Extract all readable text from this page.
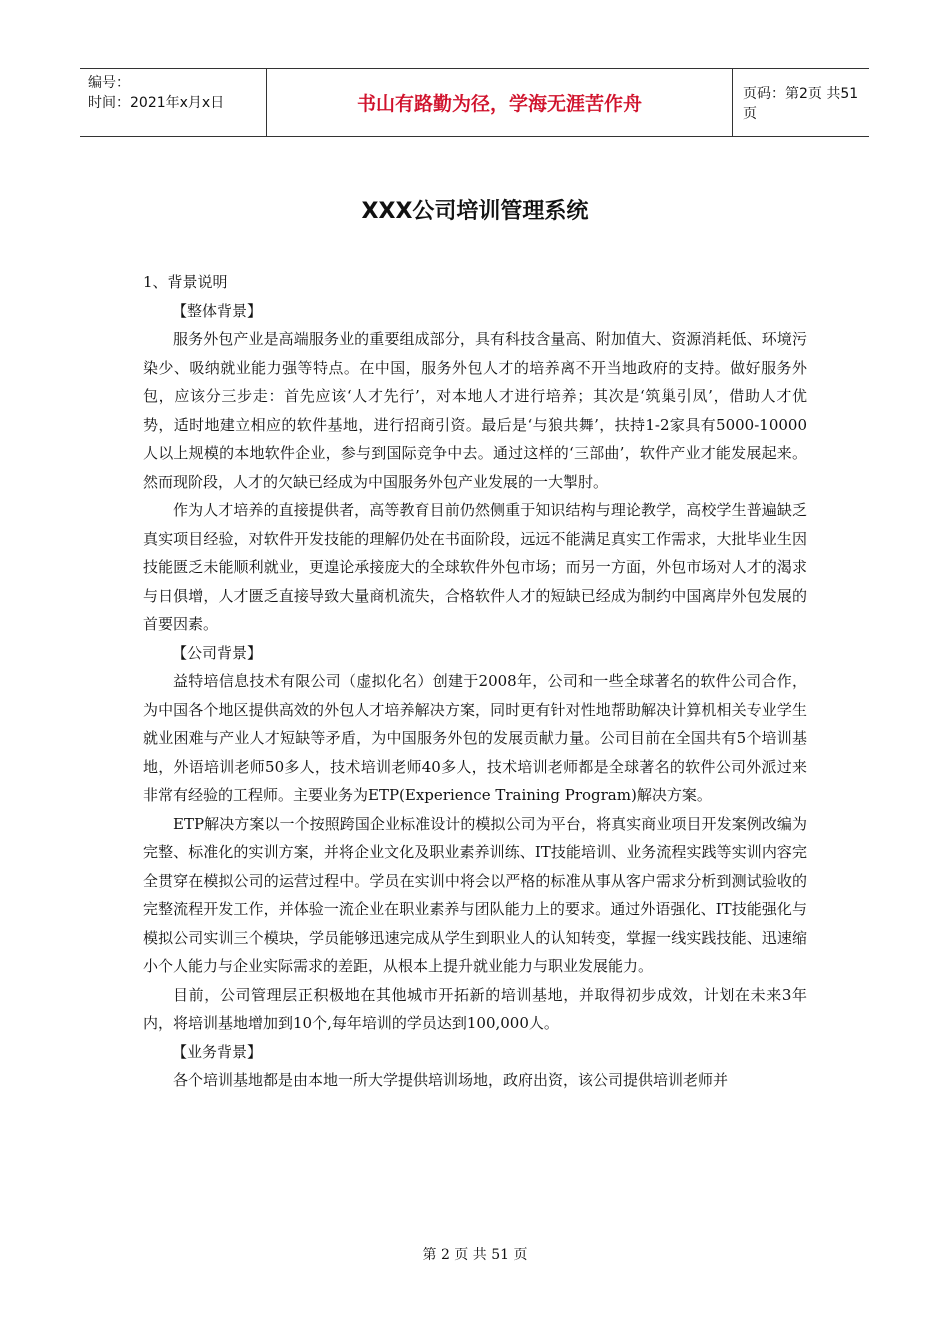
编号：
时间：2021年x月x日	书山有路勤为径，学海无涯苦作舟	页码：第2页 共51页
XXX公司培训管理系统

1、背景说明

【整体背景】

服务外包产业是高端服务业的重要组成部分，具有科技含量高、附加值大、资源消耗低、环境污染少、吸纳就业能力强等特点。在中国，服务外包人才的培养离不开当地政府的支持。做好服务外包，应该分三步走：首先应该‘人才先行’，对本地人才进行培养；其次是‘筑巢引凤’，借助人才优势，适时地建立相应的软件基地，进行招商引资。最后是‘与狼共舞’，扶持1-2家具有5000-10000人以上规模的本地软件企业，参与到国际竞争中去。通过这样的‘三部曲’，软件产业才能发展起来。然而现阶段，人才的欠缺已经成为中国服务外包产业发展的一大掣肘。

作为人才培养的直接提供者，高等教育目前仍然侧重于知识结构与理论教学，高校学生普遍缺乏真实项目经验，对软件开发技能的理解仍处在书面阶段，远远不能满足真实工作需求，大批毕业生因技能匮乏未能顺利就业，更遑论承接庞大的全球软件外包市场；而另一方面，外包市场对人才的渴求与日俱增，人才匮乏直接导致大量商机流失，合格软件人才的短缺已经成为制约中国离岸外包发展的首要因素。

【公司背景】

益特培信息技术有限公司（虚拟化名）创建于2008年，公司和一些全球著名的软件公司合作，为中国各个地区提供高效的外包人才培养解决方案，同时更有针对性地帮助解决计算机相关专业学生就业困难与产业人才短缺等矛盾，为中国服务外包的发展贡献力量。公司目前在全国共有5个培训基地，外语培训老师50多人，技术培训老师40多人，技术培训老师都是全球著名的软件公司外派过来非常有经验的工程师。主要业务为ETP(Experience Training Program)解决方案。

ETP解决方案以一个按照跨国企业标准设计的模拟公司为平台，将真实商业项目开发案例改编为完整、标准化的实训方案，并将企业文化及职业素养训练、IT技能培训、业务流程实践等实训内容完全贯穿在模拟公司的运营过程中。学员在实训中将会以严格的标准从事从客户需求分析到测试验收的完整流程开发工作，并体验一流企业在职业素养与团队能力上的要求。通过外语强化、IT技能强化与模拟公司实训三个模块，学员能够迅速完成从学生到职业人的认知转变，掌握一线实践技能、迅速缩小个人能力与企业实际需求的差距，从根本上提升就业能力与职业发展能力。

目前，公司管理层正积极地在其他城市开拓新的培训基地，并取得初步成效，计划在未来3年内，将培训基地增加到10个,每年培训的学员达到100,000人。

【业务背景】

各个培训基地都是由本地一所大学提供培训场地，政府出资，该公司提供培训老师并

第 2 页 共 51 页
